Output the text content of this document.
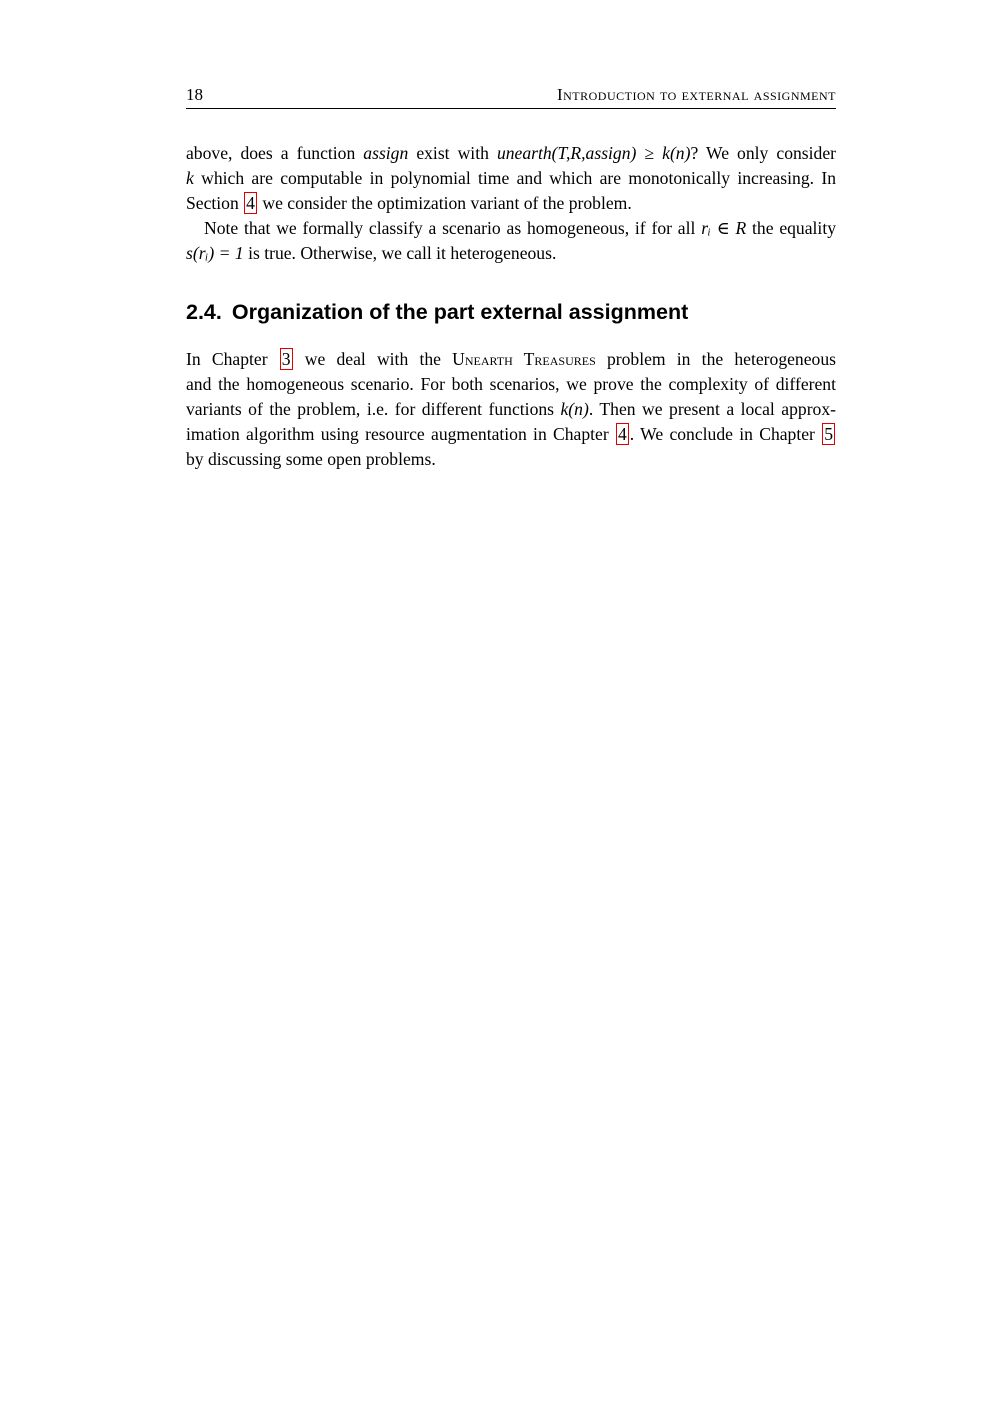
18	Introduction to external assignment
above, does a function assign exist with unearth(T,R,assign) ≥ k(n)? We only consider
k which are computable in polynomial time and which are monotonically increasing. In
Section 4 we consider the optimization variant of the problem.
Note that we formally classify a scenario as homogeneous, if for all rᵢ ∈ R the equality
s(rᵢ) = 1 is true. Otherwise, we call it heterogeneous.
2.4. Organization of the part external assignment
In Chapter 3 we deal with the Unearth Treasures problem in the heterogeneous
and the homogeneous scenario. For both scenarios, we prove the complexity of different
variants of the problem, i.e. for different functions k(n). Then we present a local approx-
imation algorithm using resource augmentation in Chapter 4 . We conclude in Chapter 5
by discussing some open problems.
